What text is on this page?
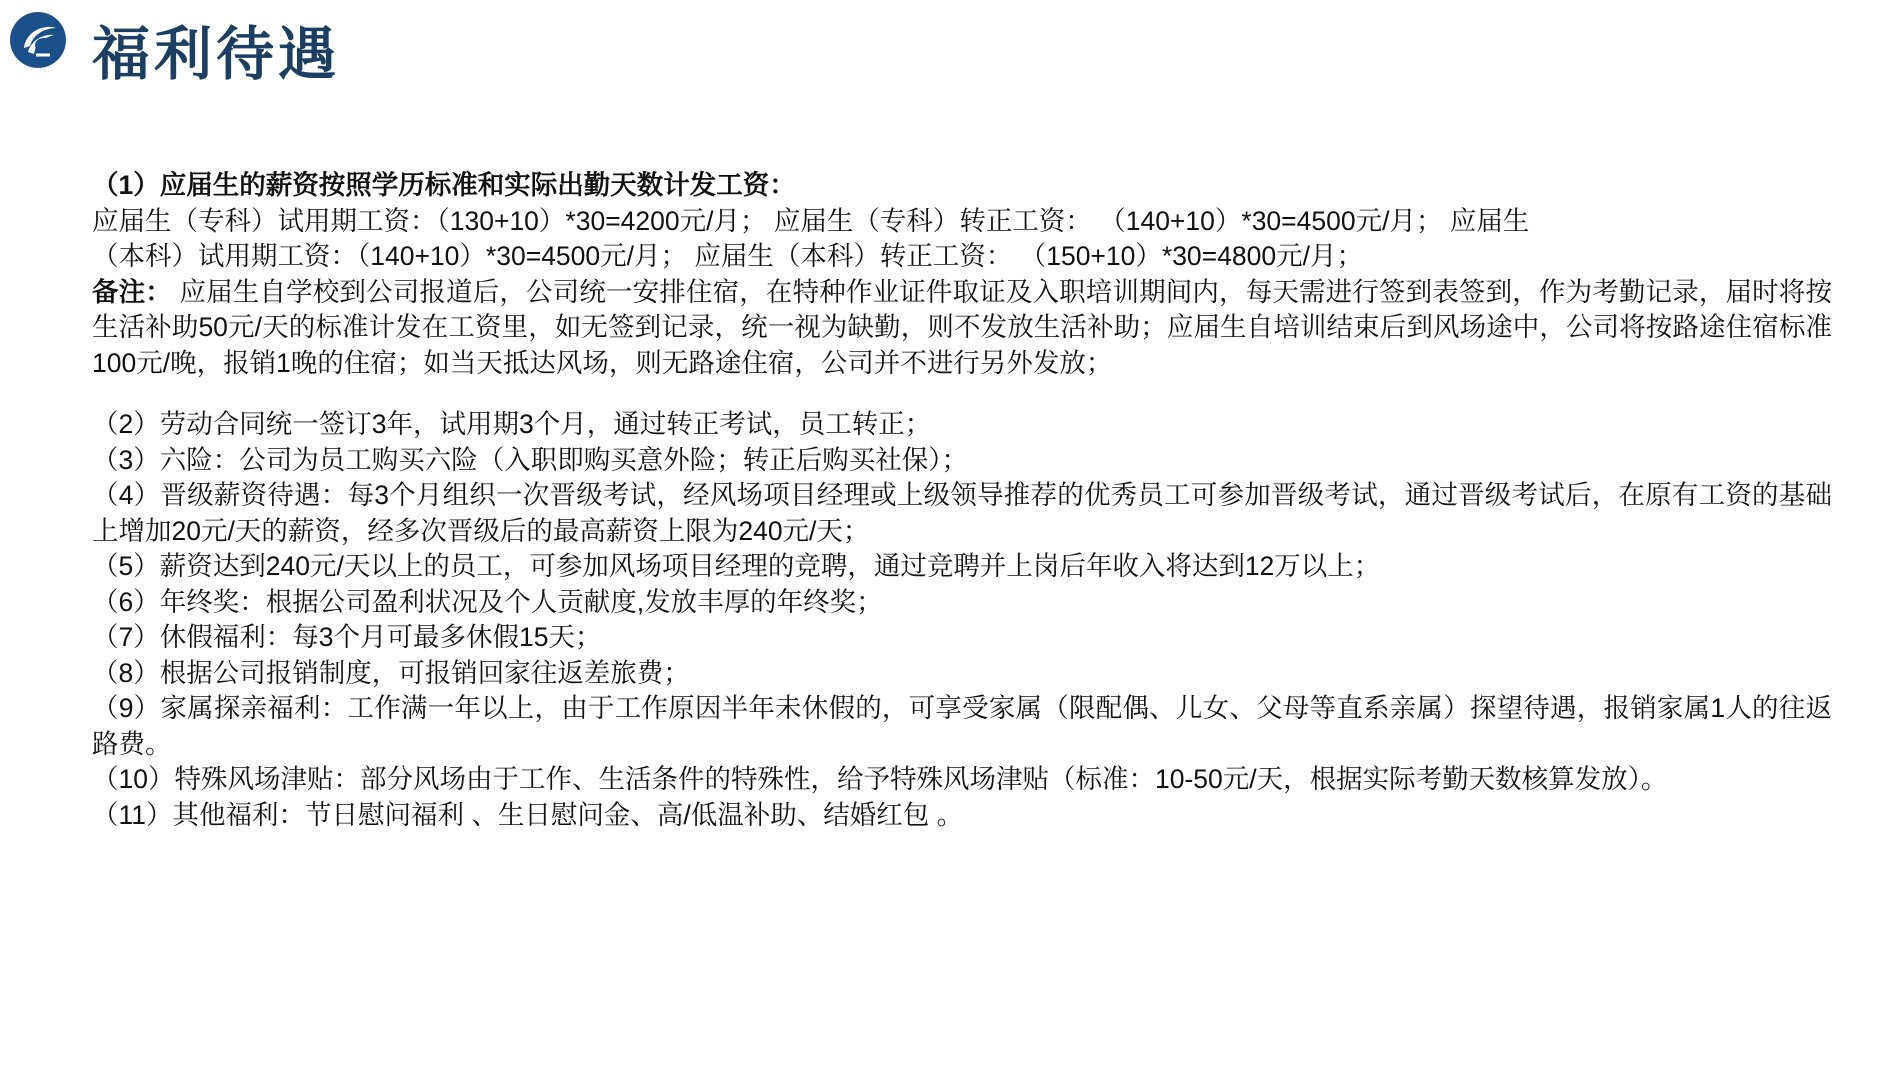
福利待遇

（1）应届生的薪资按照学历标准和实际出勤天数计发工资：

应届生（专科）试用期工资：（130+10）*30=4200元/月； 应届生（专科）转正工资： （140+10）*30=4500元/月； 应届生

（本科）试用期工资：（140+10）*30=4500元/月； 应届生（本科）转正工资： （150+10）*30=4800元/月；

备注： 应届生自学校到公司报道后，公司统一安排住宿，在特种作业证件取证及入职培训期间内，每天需进行签到表签到，作为考勤记录，届时将按生活补助50元/天的标准计发在工资里，如无签到记录，统一视为缺勤，则不发放生活补助；应届生自培训结束后到风场途中，公司将按路途住宿标准100元/晚，报销1晚的住宿；如当天抵达风场，则无路途住宿，公司并不进行另外发放；

（2）劳动合同统一签订3年，试用期3个月，通过转正考试，员工转正；

（3）六险：公司为员工购买六险（入职即购买意外险；转正后购买社保）；

（4）晋级薪资待遇：每3个月组织一次晋级考试，经风场项目经理或上级领导推荐的优秀员工可参加晋级考试，通过晋级考试后，在原有工资的基础上增加20元/天的薪资，经多次晋级后的最高薪资上限为240元/天；

（5）薪资达到240元/天以上的员工，可参加风场项目经理的竞聘，通过竞聘并上岗后年收入将达到12万以上；

（6）年终奖：根据公司盈利状况及个人贡献度,发放丰厚的年终奖；

（7）休假福利：每3个月可最多休假15天；

（8）根据公司报销制度，可报销回家往返差旅费；

（9）家属探亲福利：工作满一年以上，由于工作原因半年未休假的，可享受家属（限配偶、儿女、父母等直系亲属）探望待遇，报销家属1人的往返路费。

（10）特殊风场津贴：部分风场由于工作、生活条件的特殊性，给予特殊风场津贴（标准：10-50元/天，根据实际考勤天数核算发放）。

（11）其他福利：节日慰问福利 、生日慰问金、高/低温补助、结婚红包 。
